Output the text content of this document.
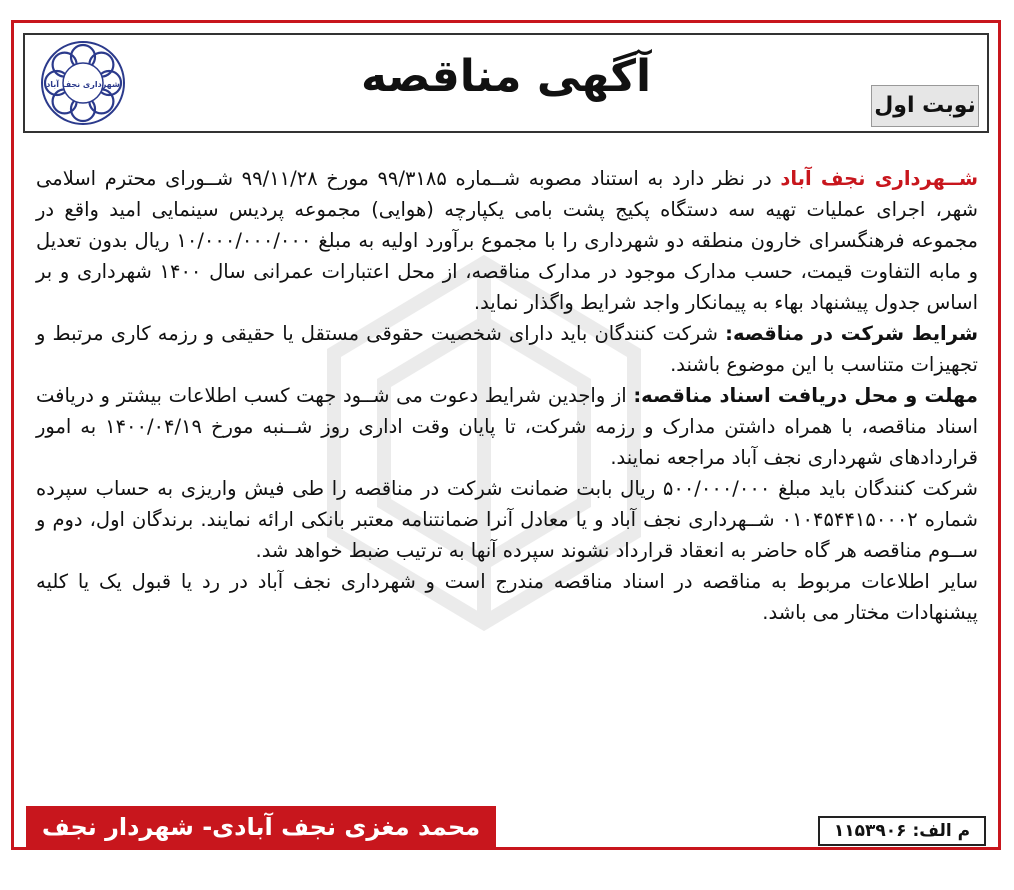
شهرداری نجف آباد	آگهی مناقصه
نوبت اول

شــهرداری نجف آباد در نظر دارد به استناد مصوبه شــماره ۹۹/۳۱۸۵ مورخ ۹۹/۱۱/۲۸ شــورای محترم اسلامی شهر، اجرای عملیات تهیه سه دستگاه پکیج پشت بامی یکپارچه (هوایی) مجموعه پردیس سینمایی امید واقع در مجموعه فرهنگسرای خارون منطقه دو شهرداری را با مجموع برآورد اولیه به مبلغ ۱۰/۰۰۰/۰۰۰/۰۰۰ ریال بدون تعدیل و مابه التفاوت قیمت، حسب مدارک موجود در مدارک مناقصه، از محل اعتبارات عمرانی سال ۱۴۰۰ شهرداری و بر اساس جدول پیشنهاد بهاء به پیمانکار واجد شرایط واگذار نماید.

شرایط شرکت در مناقصه: شرکت کنندگان باید دارای شخصیت حقوقی مستقل یا حقیقی و رزمه کاری مرتبط و تجهیزات متناسب با این موضوع باشند.

مهلت و محل دریافت اسناد مناقصه: از واجدین شرایط دعوت می شــود جهت کسب اطلاعات بیشتر و دریافت اسناد مناقصه، با همراه داشتن مدارک و رزمه شرکت، تا پایان وقت اداری روز شــنبه مورخ ۱۴۰۰/۰۴/۱۹ به امور قراردادهای شهرداری نجف آباد مراجعه نمایند.

شرکت کنندگان باید مبلغ ۵۰۰/۰۰۰/۰۰۰ ریال بابت ضمانت شرکت در مناقصه را طی فیش واریزی به حساب سپرده شماره ۰۱۰۴۵۴۴۱۵۰۰۰۲ شــهرداری نجف آباد و یا معادل آنرا ضمانتنامه معتبر بانکی ارائه نمایند. برندگان اول، دوم و ســوم مناقصه هر گاه حاضر به انعقاد قرارداد نشوند سپرده آنها به ترتیب ضبط خواهد شد.

سایر اطلاعات مربوط به مناقصه در اسناد مناقصه مندرج است و شهرداری نجف آباد در رد یا قبول یک یا کلیه پیشنهادات مختار می باشد.

محمد مغزی نجف آبادی- شهردار نجف آباد
م الف: ۱۱۵۳۹۰۶
